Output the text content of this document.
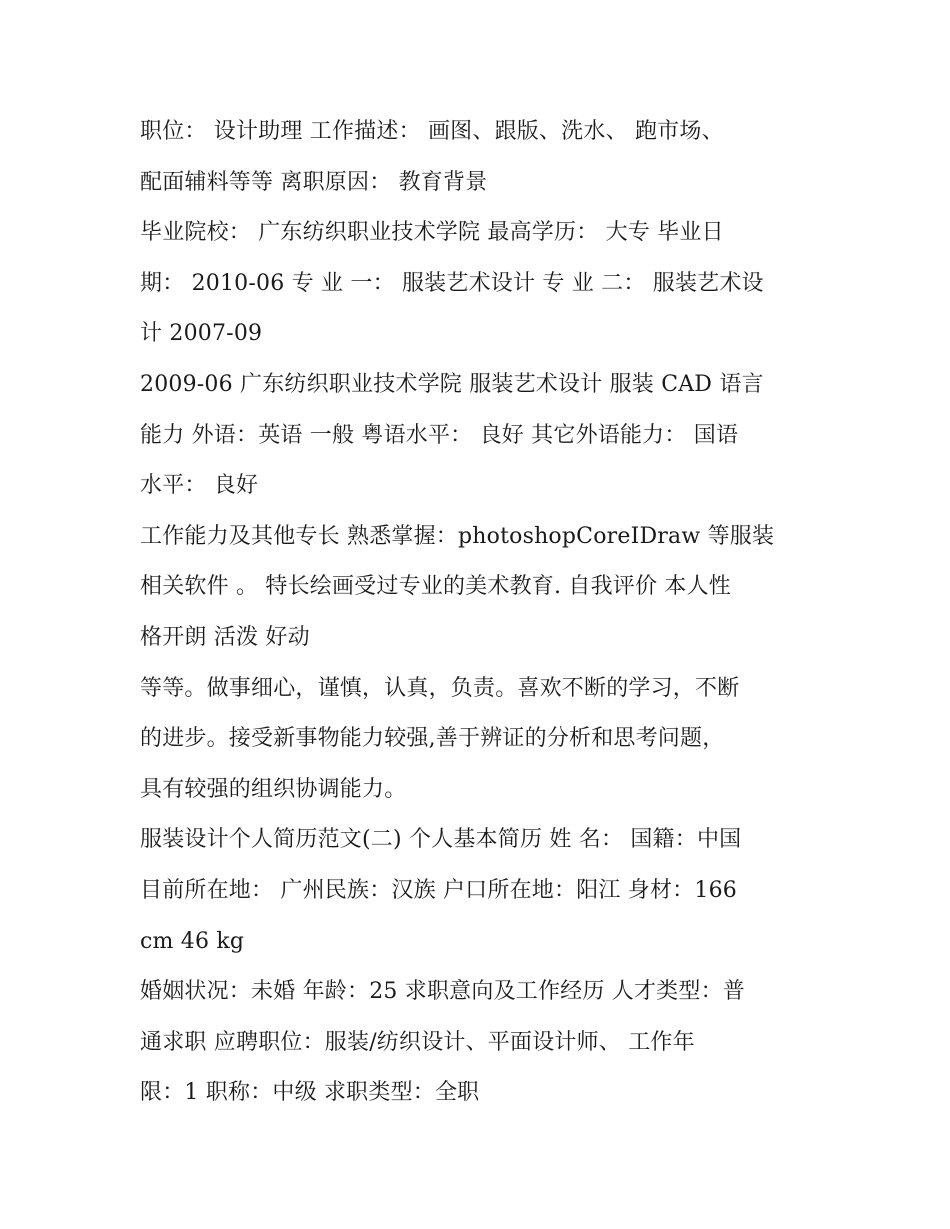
职位： 设计助理 工作描述： 画图、跟版、洗水、 跑市场、
配面辅料等等 离职原因： 教育背景
毕业院校： 广东纺织职业技术学院 最高学历： 大专 毕业日
期： 2010-06 专 业 一： 服装艺术设计 专 业 二： 服装艺术设
计 2007-09
2009-06 广东纺织职业技术学院 服装艺术设计 服装 CAD 语言
能力 外语：英语 一般 粤语水平： 良好 其它外语能力： 国语
水平： 良好
工作能力及其他专长 熟悉掌握：photoshopCoreIDraw 等服装
相关软件 。 特长绘画受过专业的美术教育. 自我评价 本人性
格开朗 活泼 好动
等等。做事细心，谨慎，认真，负责。喜欢不断的学习，不断
的进步。接受新事物能力较强,善于辨证的分析和思考问题，
具有较强的组织协调能力。
服装设计个人简历范文(二) 个人基本简历 姓 名： 国籍：中国
目前所在地： 广州民族：汉族 户口所在地：阳江 身材：166
cm 46 kg
婚姻状况：未婚 年龄：25 求职意向及工作经历 人才类型：普
通求职 应聘职位：服装/纺织设计、平面设计师、 工作年
限：1 职称：中级 求职类型：全职
